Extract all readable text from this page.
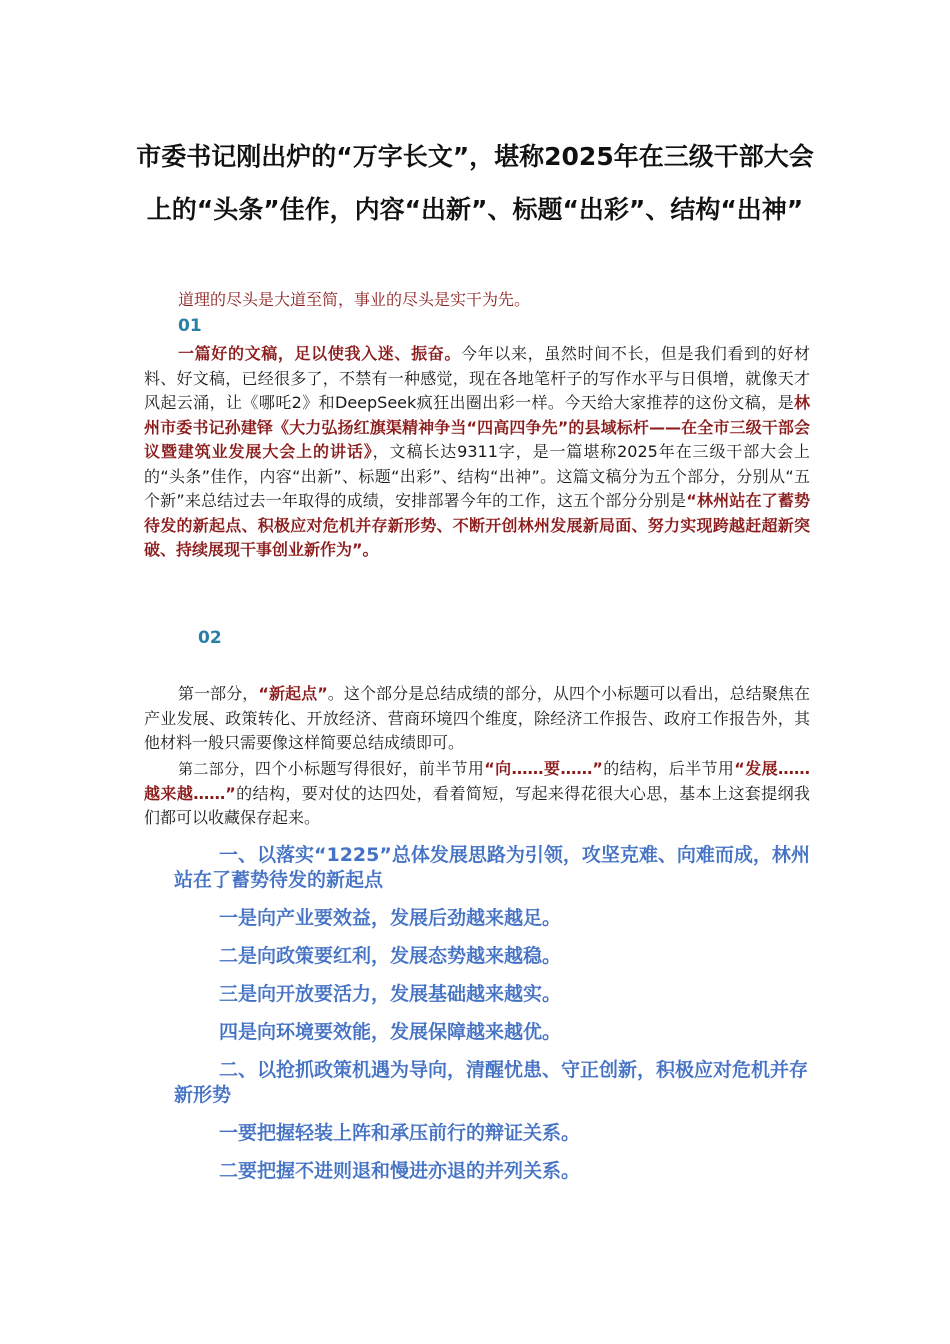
市委书记刚出炉的“万字长文”，堪称2025年在三级干部大会上的“头条”佳作，内容“出新”、标题“出彩”、结构“出神”
道理的尽头是大道至简，事业的尽头是实干为先。
01
一篇好的文稿，足以使我入迷、振奋。今年以来，虽然时间不长，但是我们看到的好材料、好文稿，已经很多了，不禁有一种感觉，现在各地笔杆子的写作水平与日俱增，就像天才风起云涌，让《哪吒2》和DeepSeek疯狂出圈出彩一样。今天给大家推荐的这份文稿，是林州市委书记孙建铎《大力弘扬红旗渠精神争当“四高四争先”的县域标杆——在全市三级干部会议暨建筑业发展大会上的讲话》，文稿长达9311字，是一篇堪称2025年在三级干部大会上的“头条”佳作，内容“出新”、标题“出彩”、结构“出神”。这篇文稿分为五个部分，分别从“五个新”来总结过去一年取得的成绩，安排部署今年的工作，这五个部分分别是“林州站在了蓄势待发的新起点、积极应对危机并存新形势、不断开创林州发展新局面、努力实现跨越赶超新突破、持续展现干事创业新作为”。
02
第一部分，“新起点”。这个部分是总结成绩的部分，从四个小标题可以看出，总结聚焦在产业发展、政策转化、开放经济、营商环境四个维度，除经济工作报告、政府工作报告外，其他材料一般只需要像这样简要总结成绩即可。
第二部分，四个小标题写得很好，前半节用“向……要……”的结构，后半节用“发展……越来越……”的结构，要对仗的达四处，看着简短，写起来得花很大心思，基本上这套提纲我们都可以收藏保存起来。

一、以落实“1225”总体发展思路为引领，攻坚克难、向难而成，林州站在了蓄势待发的新起点

一是向产业要效益，发展后劲越来越足。

二是向政策要红利，发展态势越来越稳。

三是向开放要活力，发展基础越来越实。

四是向环境要效能，发展保障越来越优。

二、以抢抓政策机遇为导向，清醒忧患、守正创新，积极应对危机并存新形势

一要把握轻装上阵和承压前行的辩证关系。

二要把握不进则退和慢进亦退的并列关系。
